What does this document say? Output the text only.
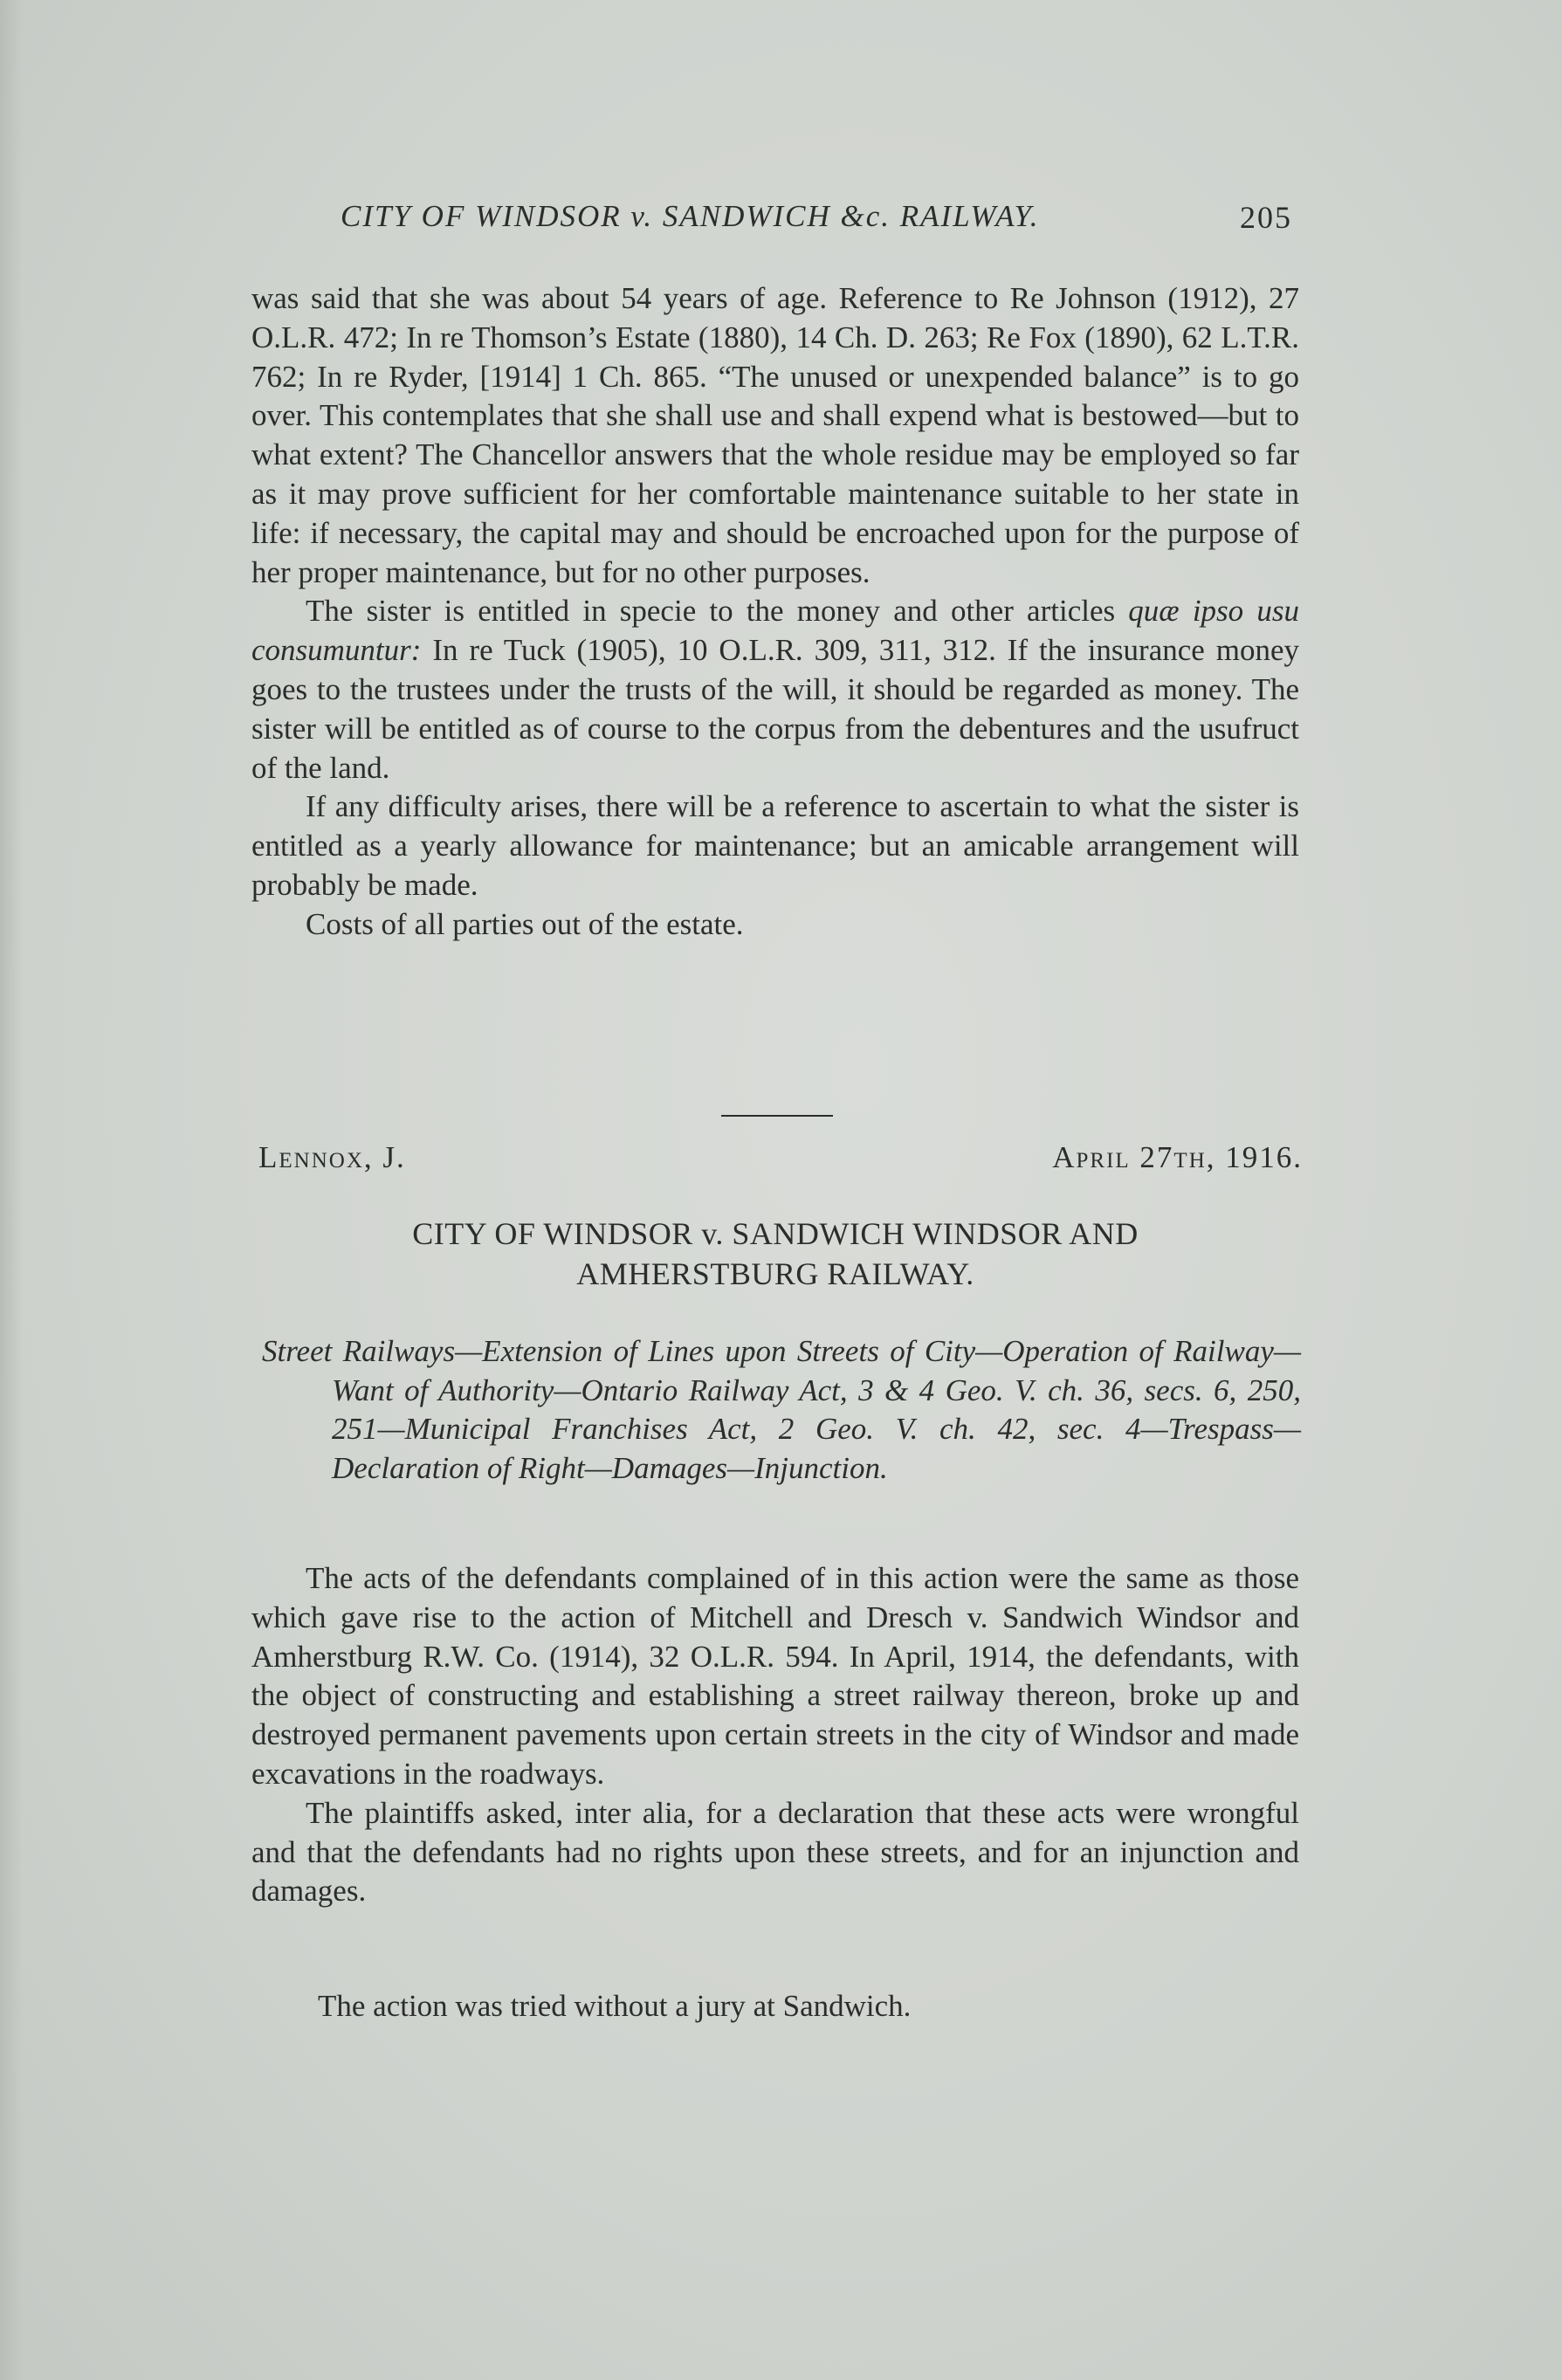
CITY OF WINDSOR v. SANDWICH &c. RAILWAY.	205

was said that she was about 54 years of age. Reference to Re Johnson (1912), 27 O.L.R. 472; In re Thomson’s Estate (1880), 14 Ch. D. 263; Re Fox (1890), 62 L.T.R. 762; In re Ryder, [1914] 1 Ch. 865. “The unused or unexpended balance” is to go over. This contemplates that she shall use and shall expend what is bestowed—but to what extent? The Chancellor answers that the whole residue may be employed so far as it may prove sufficient for her comfortable maintenance suitable to her state in life: if necessary, the capital may and should be encroached upon for the purpose of her proper maintenance, but for no other purposes.

The sister is entitled in specie to the money and other articles quæ ipso usu consumuntur: In re Tuck (1905), 10 O.L.R. 309, 311, 312. If the insurance money goes to the trustees under the trusts of the will, it should be regarded as money. The sister will be entitled as of course to the corpus from the debentures and the usufruct of the land.

If any difficulty arises, there will be a reference to ascertain to what the sister is entitled as a yearly allowance for maintenance; but an amicable arrangement will probably be made.

Costs of all parties out of the estate.

Lennox, J.	April 27th, 1916.
CITY OF WINDSOR v. SANDWICH WINDSOR AND
AMHERSTBURG RAILWAY.
Street Railways—Extension of Lines upon Streets of City—Operation of Railway—Want of Authority—Ontario Railway Act, 3 & 4 Geo. V. ch. 36, secs. 6, 250, 251—Municipal Franchises Act, 2 Geo. V. ch. 42, sec. 4—Trespass—Declaration of Right—Damages—Injunction.

The acts of the defendants complained of in this action were the same as those which gave rise to the action of Mitchell and Dresch v. Sandwich Windsor and Amherstburg R.W. Co. (1914), 32 O.L.R. 594. In April, 1914, the defendants, with the object of constructing and establishing a street railway thereon, broke up and destroyed permanent pavements upon certain streets in the city of Windsor and made excavations in the roadways.

The plaintiffs asked, inter alia, for a declaration that these acts were wrongful and that the defendants had no rights upon these streets, and for an injunction and damages.

The action was tried without a jury at Sandwich.
